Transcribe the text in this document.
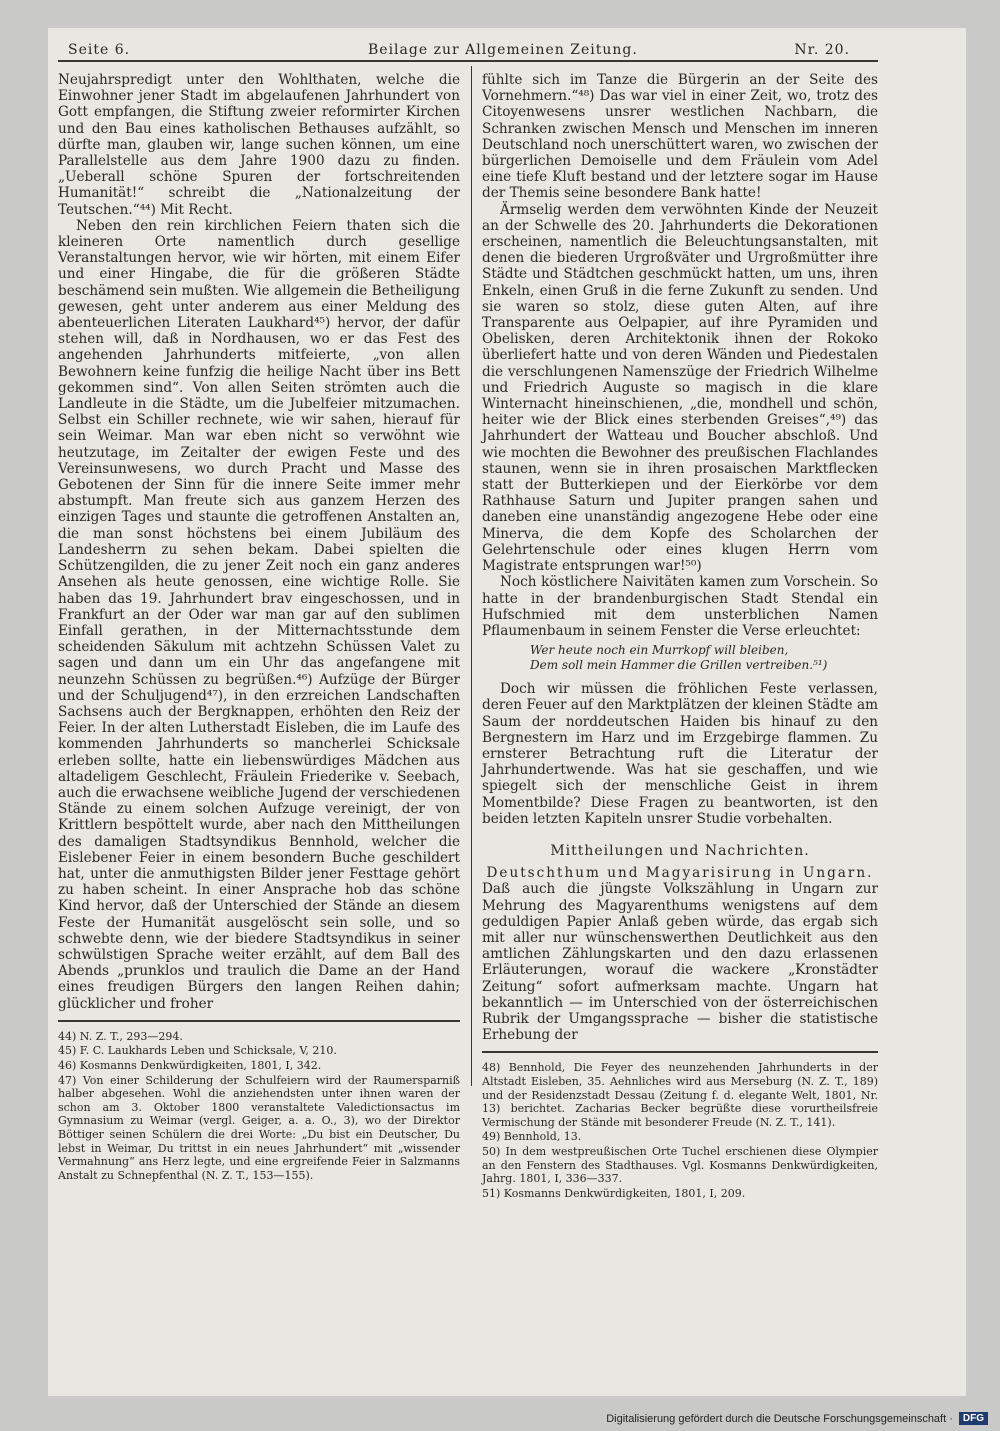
Seite 6.	Beilage zur Allgemeinen Zeitung.	Nr. 20.

Neujahrspredigt unter den Wohlthaten, welche die Einwohner jener Stadt im abgelaufenen Jahrhundert von Gott empfangen, die Stiftung zweier reformirter Kirchen und den Bau eines katholischen Bethauses aufzählt, so dürfte man, glauben wir, lange suchen können, um eine Parallelstelle aus dem Jahre 1900 dazu zu finden. „Ueberall schöne Spuren der fortschreitenden Humanität!“ schreibt die „Nationalzeitung der Teutschen.“⁴⁴) Mit Recht.

Neben den rein kirchlichen Feiern thaten sich die kleineren Orte namentlich durch gesellige Veranstaltungen hervor, wie wir hörten, mit einem Eifer und einer Hingabe, die für die größeren Städte beschämend sein mußten. Wie allgemein die Betheiligung gewesen, geht unter anderem aus einer Meldung des abenteuerlichen Literaten Laukhard⁴⁵) hervor, der dafür stehen will, daß in Nordhausen, wo er das Fest des angehenden Jahrhunderts mitfeierte, „von allen Bewohnern keine funfzig die heilige Nacht über ins Bett gekommen sind“. Von allen Seiten strömten auch die Landleute in die Städte, um die Jubelfeier mitzumachen. Selbst ein Schiller rechnete, wie wir sahen, hierauf für sein Weimar. Man war eben nicht so verwöhnt wie heutzutage, im Zeitalter der ewigen Feste und des Vereinsunwesens, wo durch Pracht und Masse des Gebotenen der Sinn für die innere Seite immer mehr abstumpft. Man freute sich aus ganzem Herzen des einzigen Tages und staunte die getroffenen Anstalten an, die man sonst höchstens bei einem Jubiläum des Landesherrn zu sehen bekam. Dabei spielten die Schützengilden, die zu jener Zeit noch ein ganz anderes Ansehen als heute genossen, eine wichtige Rolle. Sie haben das 19. Jahrhundert brav eingeschossen, und in Frankfurt an der Oder war man gar auf den sublimen Einfall gerathen, in der Mitternachtsstunde dem scheidenden Säkulum mit achtzehn Schüssen Valet zu sagen und dann um ein Uhr das angefangene mit neunzehn Schüssen zu begrüßen.⁴⁶) Aufzüge der Bürger und der Schuljugend⁴⁷), in den erzreichen Landschaften Sachsens auch der Bergknappen, erhöhten den Reiz der Feier. In der alten Lutherstadt Eisleben, die im Laufe des kommenden Jahrhunderts so mancherlei Schicksale erleben sollte, hatte ein liebenswürdiges Mädchen aus altadeligem Geschlecht, Fräulein Friederike v. Seebach, auch die erwachsene weibliche Jugend der verschiedenen Stände zu einem solchen Aufzuge vereinigt, der von Krittlern bespöttelt wurde, aber nach den Mittheilungen des damaligen Stadtsyndikus Bennhold, welcher die Eislebener Feier in einem besondern Buche geschildert hat, unter die anmuthigsten Bilder jener Festtage gehört zu haben scheint. In einer Ansprache hob das schöne Kind hervor, daß der Unterschied der Stände an diesem Feste der Humanität ausgelöscht sein solle, und so schwebte denn, wie der biedere Stadtsyndikus in seiner schwülstigen Sprache weiter erzählt, auf dem Ball des Abends „prunklos und traulich die Dame an der Hand eines freudigen Bürgers den langen Reihen dahin; glücklicher und froher

44) N. Z. T., 293—294.
45) F. C. Laukhards Leben und Schicksale, V, 210.
46) Kosmanns Denkwürdigkeiten, 1801, I, 342.
47) Von einer Schilderung der Schulfeiern wird der Raumersparniß halber abgesehen. Wohl die anziehendsten unter ihnen waren der schon am 3. Oktober 1800 veranstaltete Valedictionsactus im Gymnasium zu Weimar (vergl. Geiger, a. a. O., 3), wo der Direktor Böttiger seinen Schülern die drei Worte: „Du bist ein Deutscher, Du lebst in Weimar, Du trittst in ein neues Jahrhundert“ mit „wissender Vermahnung“ ans Herz legte, und eine ergreifende Feier in Salzmanns Anstalt zu Schnepfenthal (N. Z. T., 153—155).

fühlte sich im Tanze die Bürgerin an der Seite des Vornehmern.“⁴⁸) Das war viel in einer Zeit, wo, trotz des Citoyenwesens unsrer westlichen Nachbarn, die Schranken zwischen Mensch und Menschen im inneren Deutschland noch unerschüttert waren, wo zwischen der bürgerlichen Demoiselle und dem Fräulein vom Adel eine tiefe Kluft bestand und der letztere sogar im Hause der Themis seine besondere Bank hatte!

Ärmselig werden dem verwöhnten Kinde der Neuzeit an der Schwelle des 20. Jahrhunderts die Dekorationen erscheinen, namentlich die Beleuchtungsanstalten, mit denen die biederen Urgroßväter und Urgroßmütter ihre Städte und Städtchen geschmückt hatten, um uns, ihren Enkeln, einen Gruß in die ferne Zukunft zu senden. Und sie waren so stolz, diese guten Alten, auf ihre Transparente aus Oelpapier, auf ihre Pyramiden und Obelisken, deren Architektonik ihnen der Rokoko überliefert hatte und von deren Wänden und Piedestalen die verschlungenen Namenszüge der Friedrich Wilhelme und Friedrich Auguste so magisch in die klare Winternacht hineinschienen, „die, mondhell und schön, heiter wie der Blick eines sterbenden Greises“,⁴⁹) das Jahrhundert der Watteau und Boucher abschloß. Und wie mochten die Bewohner des preußischen Flachlandes staunen, wenn sie in ihren prosaischen Marktflecken statt der Butterkiepen und der Eierkörbe vor dem Rathhause Saturn und Jupiter prangen sahen und daneben eine unanständig angezogene Hebe oder eine Minerva, die dem Kopfe des Scholarchen der Gelehrtenschule oder eines klugen Herrn vom Magistrate entsprungen war!⁵⁰)

Noch köstlichere Naivitäten kamen zum Vorschein. So hatte in der brandenburgischen Stadt Stendal ein Hufschmied mit dem unsterblichen Namen Pflaumenbaum in seinem Fenster die Verse erleuchtet:

Wer heute noch ein Murrkopf will bleiben,
Dem soll mein Hammer die Grillen vertreiben.⁵¹)

Doch wir müssen die fröhlichen Feste verlassen, deren Feuer auf den Marktplätzen der kleinen Städte am Saum der norddeutschen Haiden bis hinauf zu den Bergnestern im Harz und im Erzgebirge flammen. Zu ernsterer Betrachtung ruft die Literatur der Jahrhundertwende. Was hat sie geschaffen, und wie spiegelt sich der menschliche Geist in ihrem Momentbilde? Diese Fragen zu beantworten, ist den beiden letzten Kapiteln unsrer Studie vorbehalten.

Mittheilungen und Nachrichten.

Deutschthum und Magyarisirung in Ungarn.

Daß auch die jüngste Volkszählung in Ungarn zur Mehrung des Magyarenthums wenigstens auf dem geduldigen Papier Anlaß geben würde, das ergab sich mit aller nur wünschenswerthen Deutlichkeit aus den amtlichen Zählungskarten und den dazu erlassenen Erläuterungen, worauf die wackere „Kronstädter Zeitung“ sofort aufmerksam machte. Ungarn hat bekanntlich — im Unterschied von der österreichischen Rubrik der Umgangssprache — bisher die statistische Erhebung der

48) Bennhold, Die Feyer des neunzehenden Jahrhunderts in der Altstadt Eisleben, 35. Aehnliches wird aus Merseburg (N. Z. T., 189) und der Residenzstadt Dessau (Zeitung f. d. elegante Welt, 1801, Nr. 13) berichtet. Zacharias Becker begrüßte diese vorurtheilsfreie Vermischung der Stände mit besonderer Freude (N. Z. T., 141).
49) Bennhold, 13.
50) In dem westpreußischen Orte Tuchel erschienen diese Olympier an den Fenstern des Stadthauses. Vgl. Kosmanns Denkwürdigkeiten, Jahrg. 1801, I, 336—337.
51) Kosmanns Denkwürdigkeiten, 1801, I, 209.
Digitalisierung gefördert durch die Deutsche Forschungsgemeinschaft ·	DFG
